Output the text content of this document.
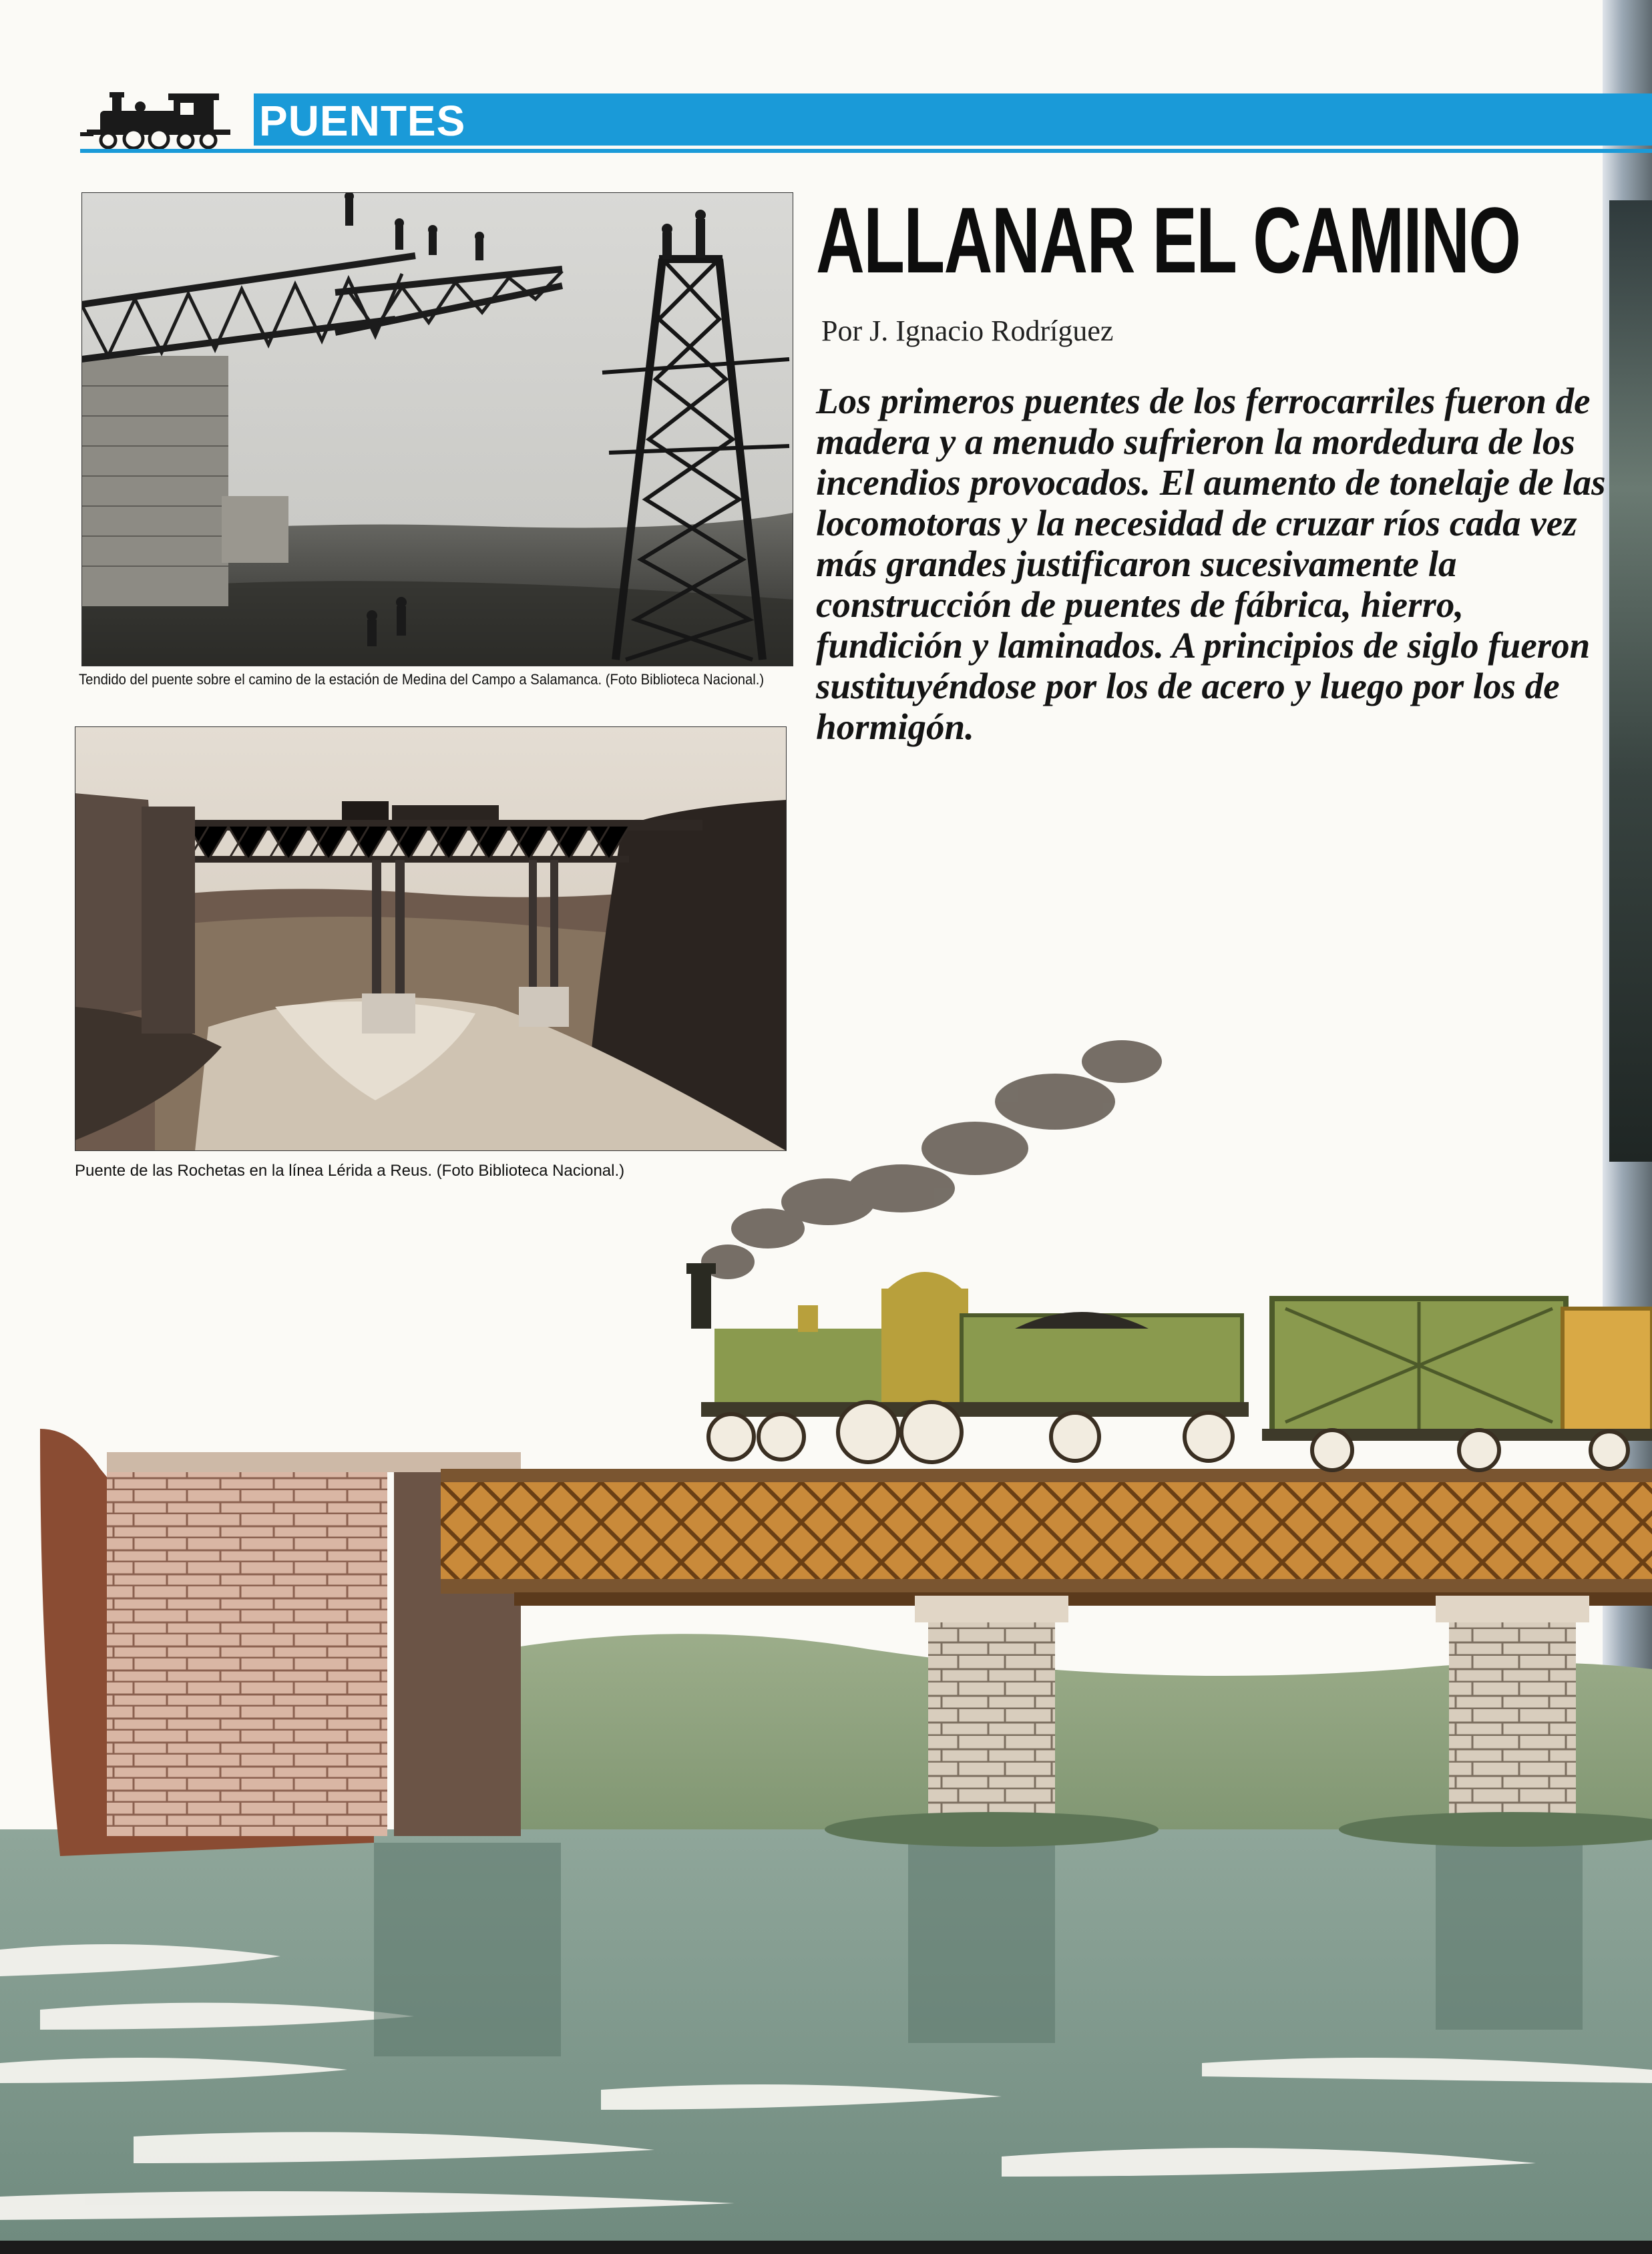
PUENTES
Tendido del puente sobre el camino de la estación de Medina del Campo a Salamanca. (Foto Biblioteca Nacional.)
Puente de las Rochetas en la línea Lérida a Reus. (Foto Biblioteca Nacional.)
ALLANAR EL CAMINO
Por J. Ignacio Rodríguez

Los primeros puentes de los ferrocarriles fueron de madera y a menudo sufrieron la mordedura de los incendios provocados. El aumento de tonelaje de las locomotoras y la necesidad de cruzar ríos cada vez más grandes justificaron sucesivamente la construcción de puentes de fábrica, hierro, fundición y laminados. A principios de siglo fueron sustituyéndose por los de acero y luego por los de hormigón.
